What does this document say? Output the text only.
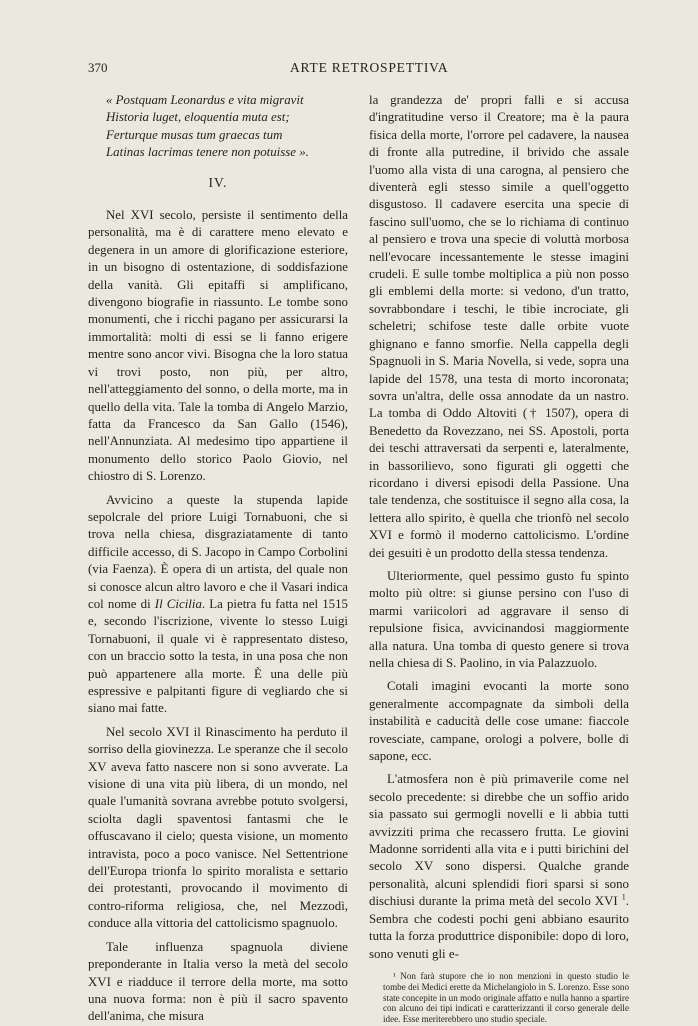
370	ARTE RETROSPETTIVA
« Postquam Leonardus e vita migravit
Historia luget, eloquentia muta est;
Ferturque musas tum graecas tum
Latinas lacrimas tenere non potuisse ».
IV.

Nel XVI secolo, persiste il sentimento della personalità, ma è di carattere meno elevato e degenera in un amore di glorificazione esteriore, in un bisogno di ostentazione, di soddisfazione della vanità. Gli epitaffi si amplificano, divengono biografie in riassunto. Le tombe sono monumenti, che i ricchi pagano per assicurarsi la immortalità: molti di essi se li fanno erigere mentre sono ancor vivi. Bisogna che la loro statua vi trovi posto, non più, per altro, nell'atteggiamento del sonno, o della morte, ma in quello della vita. Tale la tomba di Angelo Marzio, fatta da Francesco da San Gallo (1546), nell'Annunziata. Al medesimo tipo appartiene il monumento dello storico Paolo Giovio, nel chiostro di S. Lorenzo.

Avvicino a queste la stupenda lapide sepolcrale del priore Luigi Tornabuoni, che si trova nella chiesa, disgraziatamente di tanto difficile accesso, di S. Jacopo in Campo Corbolini (via Faenza). È opera di un artista, del quale non si conosce alcun altro lavoro e che il Vasari indica col nome di Il Cicilia. La pietra fu fatta nel 1515 e, secondo l'iscrizione, vivente lo stesso Luigi Tornabuoni, il quale vi è rappresentato disteso, con un braccio sotto la testa, in una posa che non può appartenere alla morte. È una delle più espressive e palpitanti figure di vegliardo che si siano mai fatte.

Nel secolo XVI il Rinascimento ha perduto il sorriso della giovinezza. Le speranze che il secolo XV aveva fatto nascere non si sono avverate. La visione di una vita più libera, di un mondo, nel quale l'umanità sovrana avrebbe potuto svolgersi, sciolta dagli spaventosi fantasmi che le offuscavano il cielo; questa visione, un momento intravista, poco a poco vanisce. Nel Settentrione dell'Europa trionfa lo spirito moralista e settario dei protestanti, provocando il movimento di contro-riforma religiosa, che, nel Mezzodì, conduce alla vittoria del cattolicismo spagnuolo.

Tale influenza spagnuola diviene preponderante in Italia verso la metà del secolo XVI e riadduce il terrore della morte, ma sotto una nuova forma: non è più il sacro spavento dell'anima, che misura

la grandezza de' propri falli e si accusa d'ingratitudine verso il Creatore; ma è la paura fisica della morte, l'orrore pel cadavere, la nausea di fronte alla putredine, il brivido che assale l'uomo alla vista di una carogna, al pensiero che diventerà egli stesso simile a quell'oggetto disgustoso. Il cadavere esercita una specie di fascino sull'uomo, che se lo richiama di continuo al pensiero e trova una specie di voluttà morbosa nell'evocare incessantemente le stesse imagini crudeli. E sulle tombe moltiplica a più non posso gli emblemi della morte: si vedono, d'un tratto, sovrabbondare i teschi, le tibie incrociate, gli scheletri; schifose teste dalle orbite vuote ghignano e fanno smorfie. Nella cappella degli Spagnuoli in S. Maria Novella, si vede, sopra una lapide del 1578, una testa di morto incoronata; sovra un'altra, delle ossa annodate da un nastro. La tomba di Oddo Altoviti († 1507), opera di Benedetto da Rovezzano, nei SS. Apostoli, porta dei teschi attraversati da serpenti e, lateralmente, in bassorilievo, sono figurati gli oggetti che ricordano i diversi episodi della Passione. Una tale tendenza, che sostituisce il segno alla cosa, la lettera allo spirito, è quella che trionfò nel secolo XVI e formò il moderno cattolicismo. L'ordine dei gesuiti è un prodotto della stessa tendenza.

Ulteriormente, quel pessimo gusto fu spinto molto più oltre: si giunse persino con l'uso di marmi variicolori ad aggravare il senso di repulsione fisica, avvicinandosi maggiormente alla natura. Una tomba di questo genere si trova nella chiesa di S. Paolino, in via Palazzuolo.

Cotali imagini evocanti la morte sono generalmente accompagnate da simboli della instabilità e caducità delle cose umane: fiaccole rovesciate, campane, orologi a polvere, bolle di sapone, ecc.

L'atmosfera non è più primaverile come nel secolo precedente: si direbbe che un soffio arido sia passato sui germogli novelli e li abbia tutti avvizziti prima che recassero frutta. Le giovini Madonne sorridenti alla vita e i putti birichini del secolo XV sono dispersi. Qualche grande personalità, alcuni splendidi fiori sparsi si sono dischiusi durante la prima metà del secolo XVI $^1$. Sembra che codesti pochi geni abbiano esaurito tutta la forza produttrice disponibile: dopo di loro, sono venuti gli e-

¹ Non farà stupore che io non menzioni in questo studio le tombe dei Medici erette da Michelangiolo in S. Lorenzo. Esse sono state concepite in un modo originale affatto e nulla hanno a spartire con alcuno dei tipi indicati e caratterizzanti il corso generale delle idee. Esse meriterebbero uno studio speciale.
